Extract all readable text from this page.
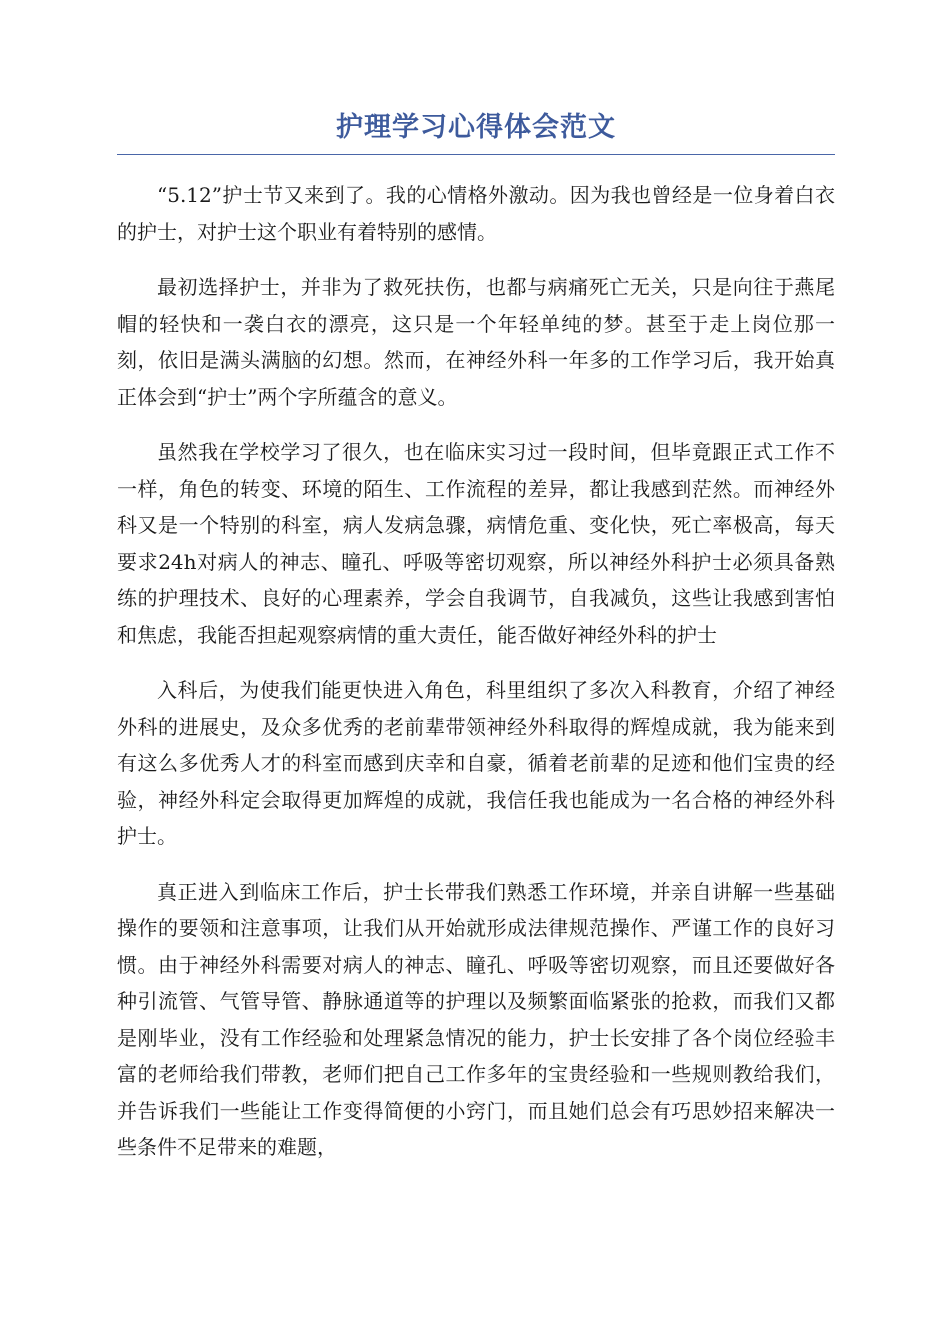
护理学习心得体会范文

“5.12”护士节又来到了。我的心情格外激动。因为我也曾经是一位身着白衣的护士，对护士这个职业有着特别的感情。

最初选择护士，并非为了救死扶伤，也都与病痛死亡无关，只是向往于燕尾帽的轻快和一袭白衣的漂亮，这只是一个年轻单纯的梦。甚至于走上岗位那一刻，依旧是满头满脑的幻想。然而，在神经外科一年多的工作学习后，我开始真正体会到“护士”两个字所蕴含的意义。

虽然我在学校学习了很久，也在临床实习过一段时间，但毕竟跟正式工作不一样，角色的转变、环境的陌生、工作流程的差异，都让我感到茫然。而神经外科又是一个特别的科室，病人发病急骤，病情危重、变化快，死亡率极高，每天要求24h对病人的神志、瞳孔、呼吸等密切观察，所以神经外科护士必须具备熟练的护理技术、良好的心理素养，学会自我调节，自我减负，这些让我感到害怕和焦虑，我能否担起观察病情的重大责任，能否做好神经外科的护士

入科后，为使我们能更快进入角色，科里组织了多次入科教育，介绍了神经外科的进展史，及众多优秀的老前辈带领神经外科取得的辉煌成就，我为能来到有这么多优秀人才的科室而感到庆幸和自豪，循着老前辈的足迹和他们宝贵的经验，神经外科定会取得更加辉煌的成就，我信任我也能成为一名合格的神经外科护士。

真正进入到临床工作后，护士长带我们熟悉工作环境，并亲自讲解一些基础操作的要领和注意事项，让我们从开始就形成法律规范操作、严谨工作的良好习惯。由于神经外科需要对病人的神志、瞳孔、呼吸等密切观察，而且还要做好各种引流管、气管导管、静脉通道等的护理以及频繁面临紧张的抢救，而我们又都是刚毕业，没有工作经验和处理紧急情况的能力，护士长安排了各个岗位经验丰富的老师给我们带教，老师们把自己工作多年的宝贵经验和一些规则教给我们，并告诉我们一些能让工作变得简便的小窍门，而且她们总会有巧思妙招来解决一些条件不足带来的难题，
